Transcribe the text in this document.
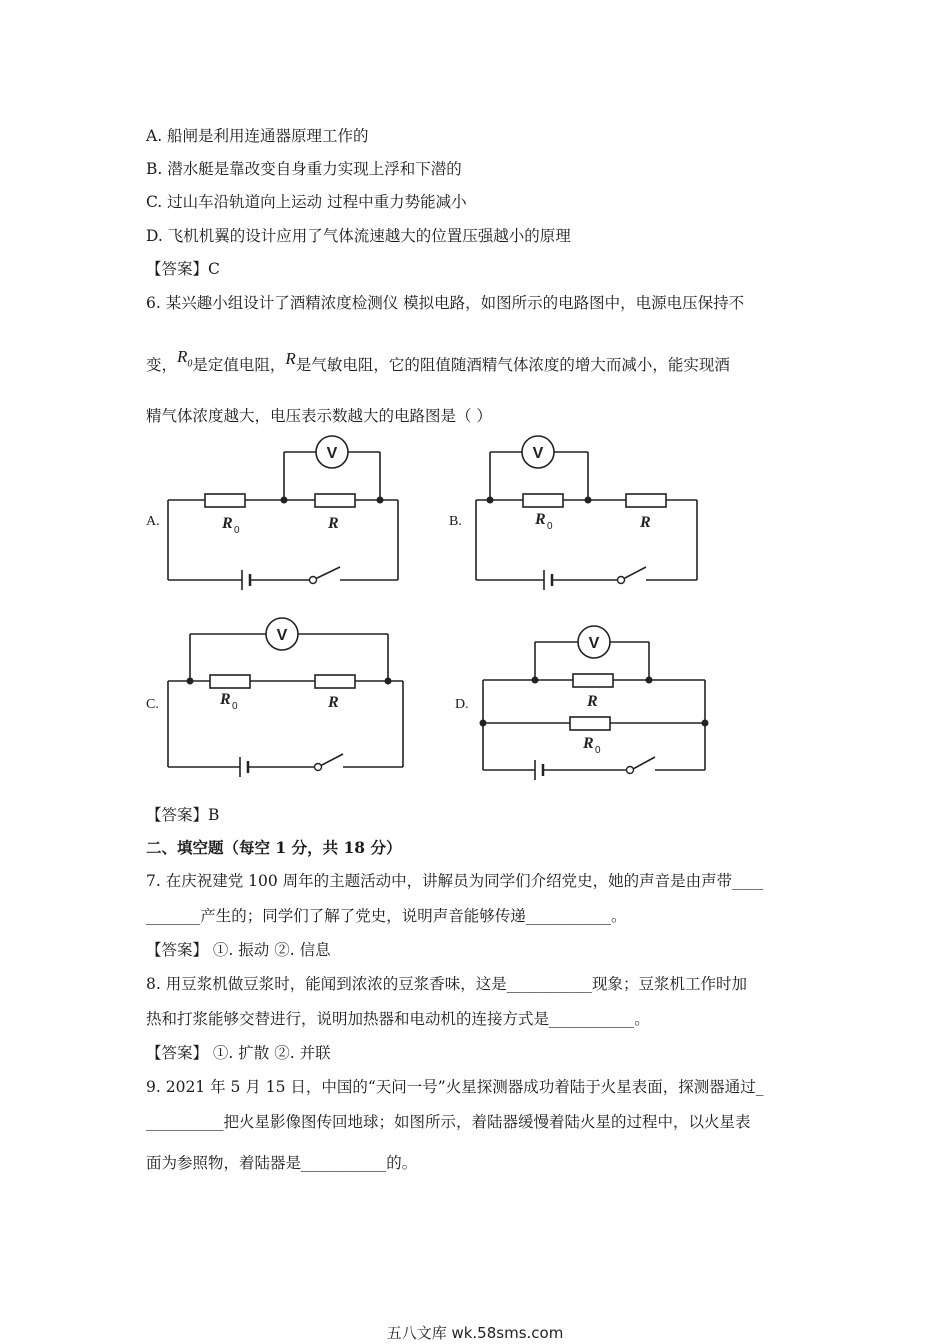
A. 船闸是利用连通器原理工作的
B. 潜水艇是靠改变自身重力实现上浮和下潜的
C. 过山车沿轨道向上运动 过程中重力势能减小
D. 飞机机翼的设计应用了气体流速越大的位置压强越小的原理
【答案】C
6. 某兴趣小组设计了酒精浓度检测仪 模拟电路，如图所示的电路图中，电源电压保持不
变，$R_0$是定值电阻，R是气敏电阻，它的阻值随酒精气体浓度的增大而减小，能实现酒
精气体浓度越大，电压表示数越大的电路图是（ ）
A.
V
R 0	R	B.
V
R 0	R
C.
V
R 0	R	D.
V
R
R 0
【答案】B
二、填空题（每空 1 分，共 18 分）
7. 在庆祝建党 100 周年的主题活动中，讲解员为同学们介绍党史，她的声音是由声带____
_______产生的；同学们了解了党史，说明声音能够传递___________。
【答案】 ①. 振动 ②. 信息
8. 用豆浆机做豆浆时，能闻到浓浓的豆浆香味，这是___________现象；豆浆机工作时加
热和打浆能够交替进行，说明加热器和电动机的连接方式是___________。
【答案】 ①. 扩散 ②. 并联
9. 2021 年 5 月 15 日，中国的“天问一号”火星探测器成功着陆于火星表面，探测器通过_
__________把火星影像图传回地球；如图所示，着陆器缓慢着陆火星的过程中，以火星表
面为参照物，着陆器是___________的。
五八文库 wk.58sms.com
